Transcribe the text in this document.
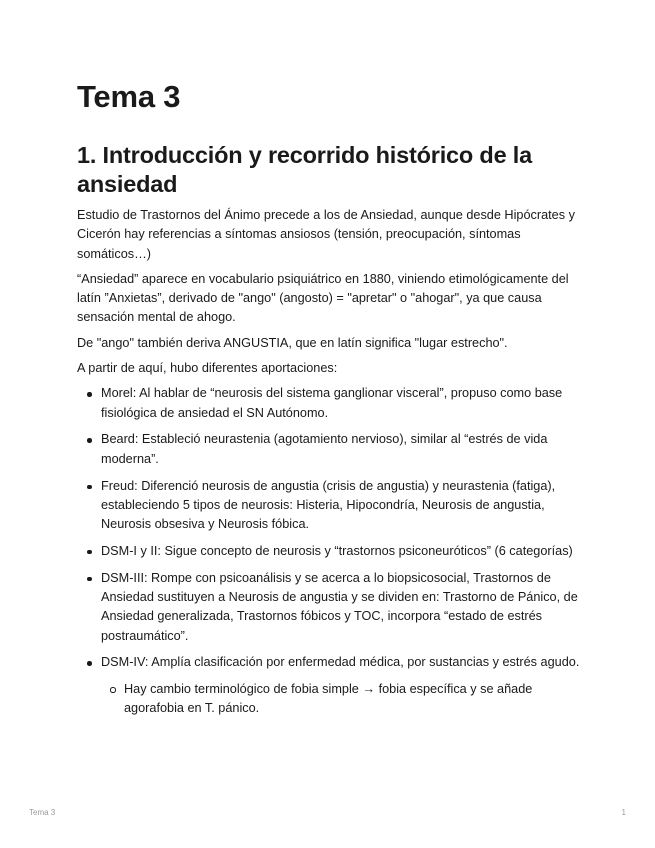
Tema 3
1. Introducción y recorrido histórico de la ansiedad

Estudio de Trastornos del Ánimo precede a los de Ansiedad, aunque desde Hipócrates y Cicerón hay referencias a síntomas ansiosos (tensión, preocupación, síntomas somáticos…)

“Ansiedad” aparece en vocabulario psiquiátrico en 1880, viniendo etimológicamente del latín ”Anxietas”, derivado de "ango" (angosto) = "apretar" o "ahogar", ya que causa sensación mental de ahogo.

De "ango" también deriva ANGUSTIA, que en latín significa "lugar estrecho".

A partir de aquí, hubo diferentes aportaciones:

Morel: Al hablar de “neurosis del sistema ganglionar visceral”, propuso como base fisiológica de ansiedad el SN Autónomo.
Beard: Estableció neurastenia (agotamiento nervioso), similar al “estrés de vida moderna”.
Freud: Diferenció neurosis de angustia (crisis de angustia) y neurastenia (fatiga), estableciendo 5 tipos de neurosis: Histeria, Hipocondría, Neurosis de angustia, Neurosis obsesiva y Neurosis fóbica.
DSM-I y II: Sigue concepto de neurosis y “trastornos psiconeuróticos” (6 categorías)
DSM-III: Rompe con psicoanálisis y se acerca a lo biopsicosocial, Trastornos de Ansiedad sustituyen a Neurosis de angustia y se dividen en: Trastorno de Pánico, de Ansiedad generalizada, Trastornos fóbicos y TOC, incorpora “estado de estrés postraumático”.
DSM-IV: Amplía clasificación por enfermedad médica, por sustancias y estrés agudo.
Hay cambio terminológico de fobia simple → fobia específica y se añade agorafobia en T. pánico.
Tema 3	1
